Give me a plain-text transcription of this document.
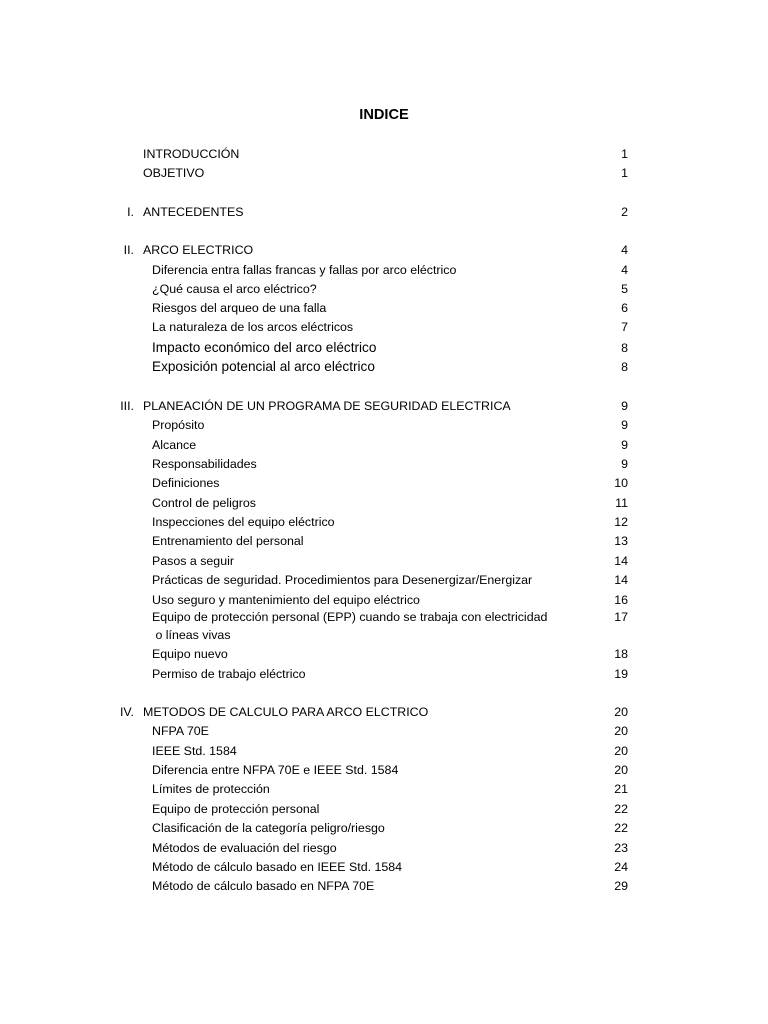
INDICE
INTRODUCCIÓN	1
OBJETIVO	1
I. ANTECEDENTES	2
II. ARCO ELECTRICO	4
Diferencia entra fallas francas y fallas por arco eléctrico	4
¿Qué causa el arco eléctrico?	5
Riesgos del arqueo de una falla	6
La naturaleza de los arcos eléctricos	7
Impacto económico del arco eléctrico	8
Exposición potencial al arco eléctrico	8
III. PLANEACIÓN DE UN PROGRAMA DE SEGURIDAD ELECTRICA	9
Propósito	9
Alcance	9
Responsabilidades	9
Definiciones	10
Control de peligros	11
Inspecciones del equipo eléctrico	12
Entrenamiento del personal	13
Pasos a seguir	14
Prácticas de seguridad. Procedimientos para Desenergizar/Energizar	14
Uso seguro y mantenimiento del equipo eléctrico	16
Equipo de protección personal (EPP) cuando se trabaja con electricidad	17
o líneas vivas
Equipo nuevo	18
Permiso de trabajo eléctrico	19
IV. METODOS DE CALCULO PARA ARCO ELCTRICO	20
NFPA 70E	20
IEEE Std. 1584	20
Diferencia entre NFPA 70E e IEEE Std. 1584	20
Límites de protección	21
Equipo de protección personal	22
Clasificación de la categoría peligro/riesgo	22
Métodos de evaluación del riesgo	23
Método de cálculo basado en IEEE Std. 1584	24
Método de cálculo basado en NFPA 70E	29
